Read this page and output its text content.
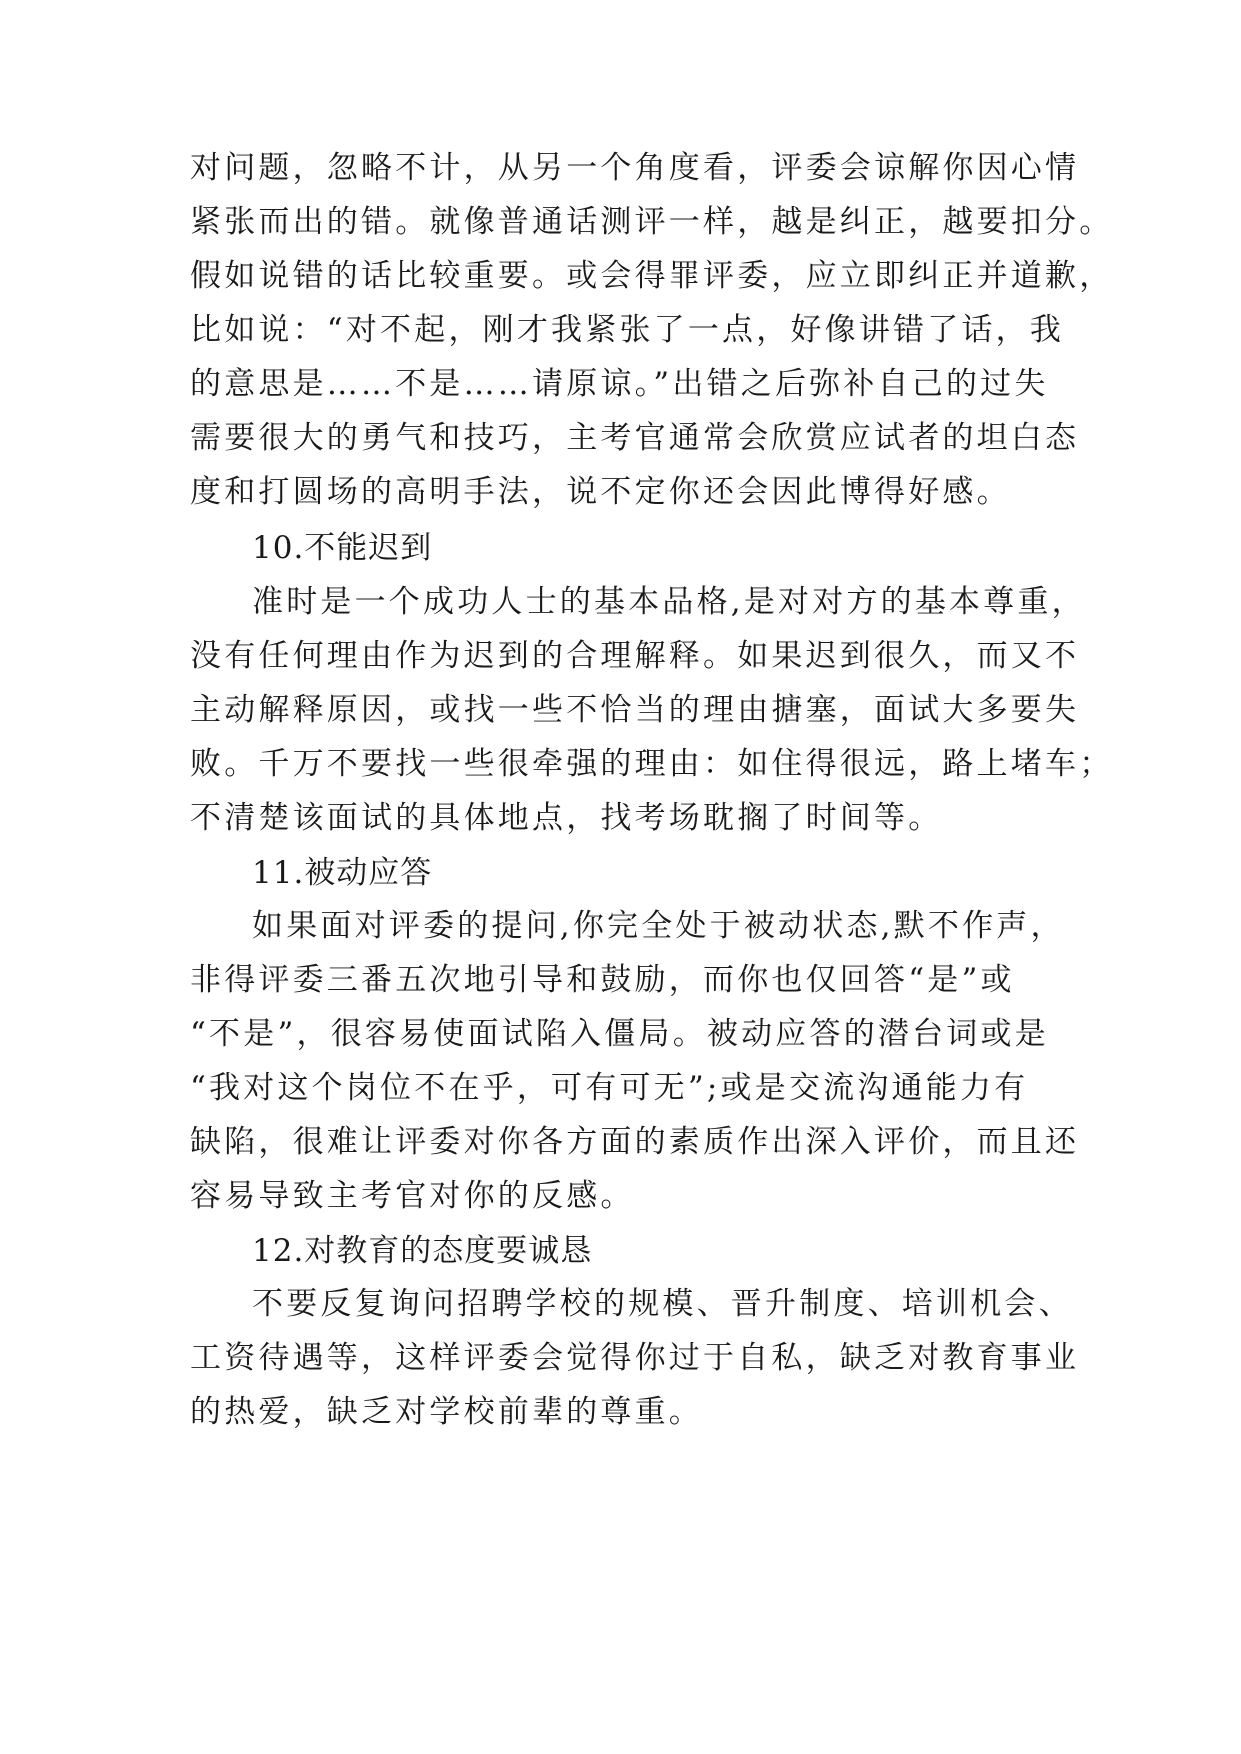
对问题，忽略不计，从另一个角度看，评委会谅解你因心情
紧张而出的错。就像普通话测评一样，越是纠正，越要扣分。
假如说错的话比较重要。或会得罪评委，应立即纠正并道歉，
比如说：“对不起，刚才我紧张了一点，好像讲错了话，我
的意思是……不是……请原谅。”出错之后弥补自己的过失
需要很大的勇气和技巧，主考官通常会欣赏应试者的坦白态
度和打圆场的高明手法，说不定你还会因此博得好感。
10.不能迟到
准时是一个成功人士的基本品格,是对对方的基本尊重，
没有任何理由作为迟到的合理解释。如果迟到很久，而又不
主动解释原因，或找一些不恰当的理由搪塞，面试大多要失
败。千万不要找一些很牵强的理由：如住得很远，路上堵车；
不清楚该面试的具体地点，找考场耽搁了时间等。
11.被动应答
如果面对评委的提问,你完全处于被动状态,默不作声，
非得评委三番五次地引导和鼓励，而你也仅回答“是”或
“不是”，很容易使面试陷入僵局。被动应答的潜台词或是
“我对这个岗位不在乎，可有可无”;或是交流沟通能力有
缺陷，很难让评委对你各方面的素质作出深入评价，而且还
容易导致主考官对你的反感。
12.对教育的态度要诚恳
不要反复询问招聘学校的规模、晋升制度、培训机会、
工资待遇等，这样评委会觉得你过于自私，缺乏对教育事业
的热爱，缺乏对学校前辈的尊重。
